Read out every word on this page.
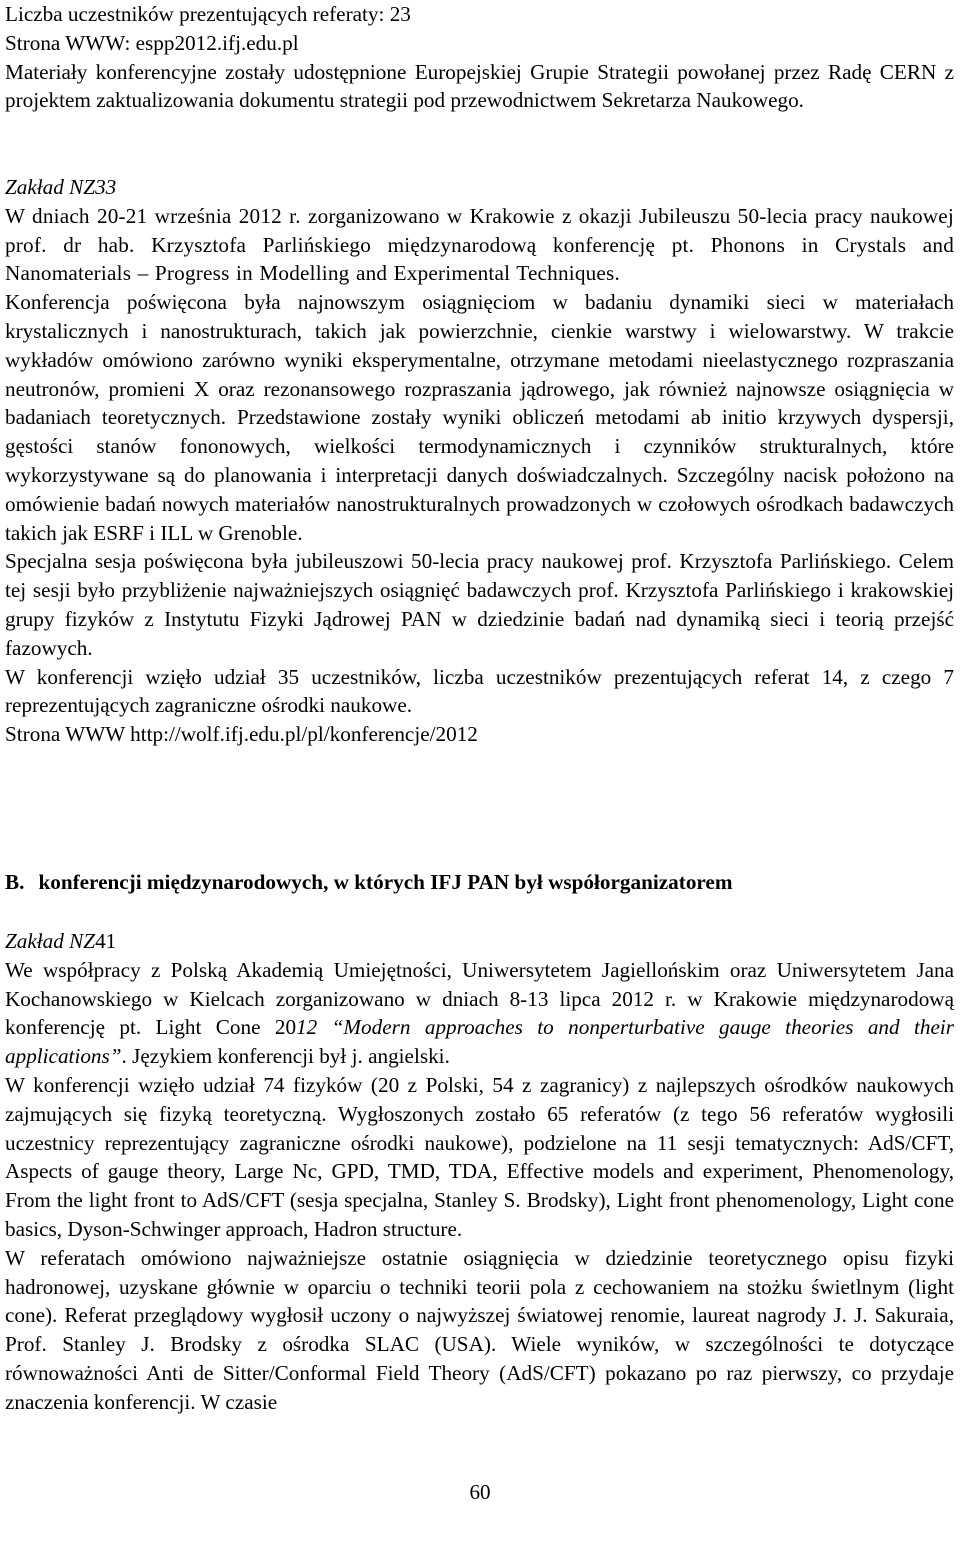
Liczba uczestników prezentujących referaty: 23

Strona WWW: espp2012.ifj.edu.pl

Materiały konferencyjne zostały udostępnione Europejskiej Grupie Strategii powołanej przez Radę CERN z projektem zaktualizowania dokumentu strategii pod przewodnictwem Sekretarza Naukowego.

Zakład NZ33

W dniach 20-21 września 2012 r. zorganizowano w Krakowie z okazji Jubileuszu 50-lecia pracy naukowej prof. dr hab. Krzysztofa Parlińskiego międzynarodową konferencję pt. Phonons in Crystals and Nanomaterials – Progress in Modelling and Experimental Techniques.

Konferencja poświęcona była najnowszym osiągnięciom w badaniu dynamiki sieci w materiałach krystalicznych i nanostrukturach, takich jak powierzchnie, cienkie warstwy i wielowarstwy. W trakcie wykładów omówiono zarówno wyniki eksperymentalne, otrzymane metodami nieelastycznego rozpraszania neutronów, promieni X oraz rezonansowego rozpraszania jądrowego, jak również najnowsze osiągnięcia w badaniach teoretycznych. Przedstawione zostały wyniki obliczeń metodami ab initio krzywych dyspersji, gęstości stanów fononowych, wielkości termodynamicznych i czynników strukturalnych, które wykorzystywane są do planowania i interpretacji danych doświadczalnych. Szczególny nacisk położono na omówienie badań nowych materiałów nanostrukturalnych prowadzonych w czołowych ośrodkach badawczych takich jak ESRF i ILL w Grenoble.

Specjalna sesja poświęcona była jubileuszowi 50-lecia pracy naukowej prof. Krzysztofa Parlińskiego. Celem tej sesji było przybliżenie najważniejszych osiągnięć badawczych prof. Krzysztofa Parlińskiego i krakowskiej grupy fizyków z Instytutu Fizyki Jądrowej PAN w dziedzinie badań nad dynamiką sieci i teorią przejść fazowych.

W konferencji wzięło udział 35 uczestników, liczba uczestników prezentujących referat 14, z czego 7 reprezentujących zagraniczne ośrodki naukowe.

Strona WWW http://wolf.ifj.edu.pl/pl/konferencje/2012

B. konferencji międzynarodowych, w których IFJ PAN był współorganizatorem

Zakład NZ41

We współpracy z Polską Akademią Umiejętności, Uniwersytetem Jagiellońskim oraz Uniwersytetem Jana Kochanowskiego w Kielcach zorganizowano w dniach 8-13 lipca 2012 r. w Krakowie międzynarodową konferencję pt. Light Cone 2012 “Modern approaches to nonperturbative gauge theories and their applications”. Językiem konferencji był j. angielski.

W konferencji wzięło udział 74 fizyków (20 z Polski, 54 z zagranicy) z najlepszych ośrodków naukowych zajmujących się fizyką teoretyczną. Wygłoszonych zostało 65 referatów (z tego 56 referatów wygłosili uczestnicy reprezentujący zagraniczne ośrodki naukowe), podzielone na 11 sesji tematycznych: AdS/CFT, Aspects of gauge theory, Large Nc, GPD, TMD, TDA, Effective models and experiment, Phenomenology, From the light front to AdS/CFT (sesja specjalna, Stanley S. Brodsky), Light front phenomenology, Light cone basics, Dyson-Schwinger approach, Hadron structure.

W referatach omówiono najważniejsze ostatnie osiągnięcia w dziedzinie teoretycznego opisu fizyki hadronowej, uzyskane głównie w oparciu o techniki teorii pola z cechowaniem na stożku świetlnym (light cone). Referat przeglądowy wygłosił uczony o najwyższej światowej renomie, laureat nagrody J. J. Sakuraia, Prof. Stanley J. Brodsky z ośrodka SLAC (USA). Wiele wyników, w szczególności te dotyczące równoważności Anti de Sitter/Conformal Field Theory (AdS/CFT) pokazano po raz pierwszy, co przydaje znaczenia konferencji. W czasie

60
